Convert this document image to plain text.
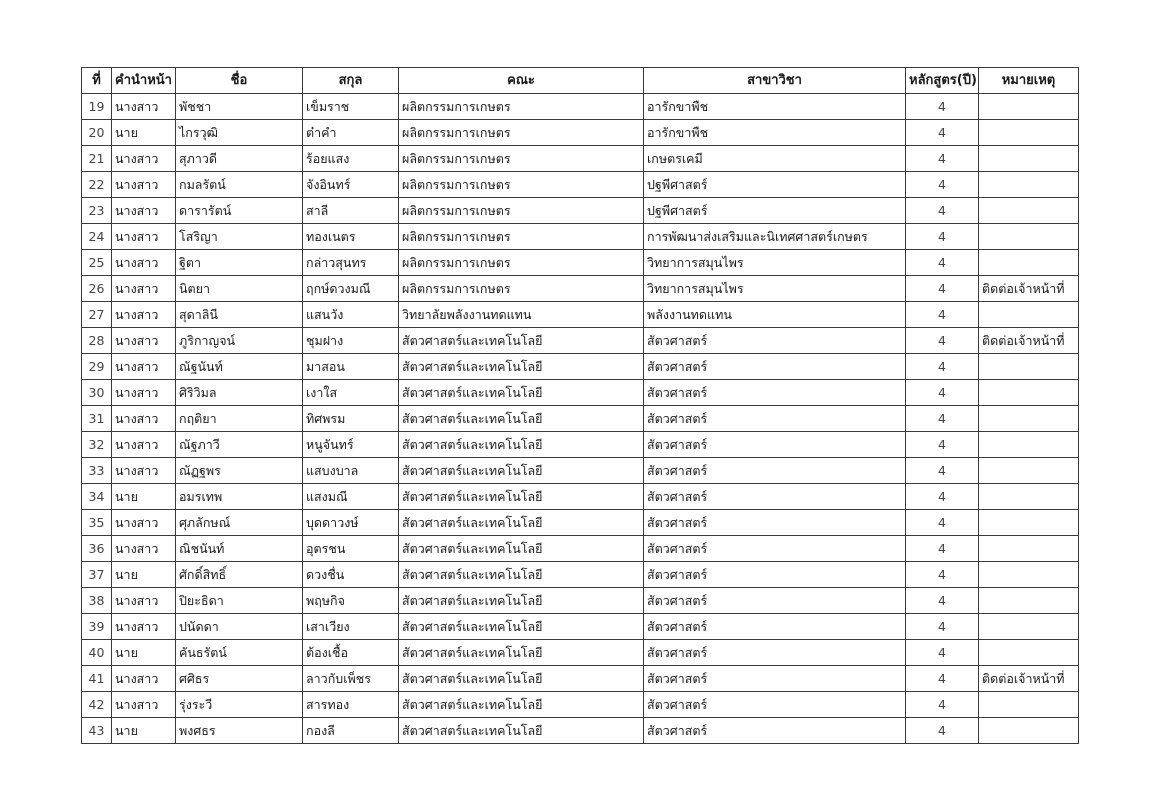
ที่	คำนำหน้า	ชื่อ	สกุล	คณะ	สาขาวิชา	หลักสูตร(ปี)	หมายเหตุ
19	นางสาว	พัชชา	เข็มราช	ผลิตกรรมการเกษตร	อารักขาพืช	4	
20	นาย	ไกรวุฒิ	ต๋าคำ	ผลิตกรรมการเกษตร	อารักขาพืช	4	
21	นางสาว	สุภาวดี	ร้อยแสง	ผลิตกรรมการเกษตร	เกษตรเคมี	4	
22	นางสาว	กมลรัตน์	จังอินทร์	ผลิตกรรมการเกษตร	ปฐพีศาสตร์	4	
23	นางสาว	ดารารัตน์	สาลี	ผลิตกรรมการเกษตร	ปฐพีศาสตร์	4	
24	นางสาว	โสริญา	ทองเนตร	ผลิตกรรมการเกษตร	การพัฒนาส่งเสริมและนิเทศศาสตร์เกษตร	4	
25	นางสาว	ฐิตา	กล่าวสุนทร	ผลิตกรรมการเกษตร	วิทยาการสมุนไพร	4	
26	นางสาว	นิตยา	ฤกษ์ดวงมณี	ผลิตกรรมการเกษตร	วิทยาการสมุนไพร	4	ติดต่อเจ้าหน้าที่
27	นางสาว	สุดาลินี	แสนวัง	วิทยาลัยพลังงานทดแทน	พลังงานทดแทน	4	
28	นางสาว	ภูริกาญจน์	ชุมฝาง	สัตวศาสตร์และเทคโนโลยี	สัตวศาสตร์	4	ติดต่อเจ้าหน้าที่
29	นางสาว	ณัฐนันท์	มาสอน	สัตวศาสตร์และเทคโนโลยี	สัตวศาสตร์	4	
30	นางสาว	ศิริวิมล	เงาใส	สัตวศาสตร์และเทคโนโลยี	สัตวศาสตร์	4	
31	นางสาว	กฤติยา	ทิศพรม	สัตวศาสตร์และเทคโนโลยี	สัตวศาสตร์	4	
32	นางสาว	ณัฐภาวี	หนูจันทร์	สัตวศาสตร์และเทคโนโลยี	สัตวศาสตร์	4	
33	นางสาว	ณัฏฐพร	แสบงบาล	สัตวศาสตร์และเทคโนโลยี	สัตวศาสตร์	4	
34	นาย	อมรเทพ	แสงมณี	สัตวศาสตร์และเทคโนโลยี	สัตวศาสตร์	4	
35	นางสาว	ศุภลักษณ์	บุดดาวงษ์	สัตวศาสตร์และเทคโนโลยี	สัตวศาสตร์	4	
36	นางสาว	ณิชนันท์	อุตรชน	สัตวศาสตร์และเทคโนโลยี	สัตวศาสตร์	4	
37	นาย	ศักดิ์สิทธิ์	ดวงชื่น	สัตวศาสตร์และเทคโนโลยี	สัตวศาสตร์	4	
38	นางสาว	ปิยะธิดา	พฤษกิจ	สัตวศาสตร์และเทคโนโลยี	สัตวศาสตร์	4	
39	นางสาว	ปนัดดา	เสาเวียง	สัตวศาสตร์และเทคโนโลยี	สัตวศาสตร์	4	
40	นาย	คันธรัตน์	ต้องเชื้อ	สัตวศาสตร์และเทคโนโลยี	สัตวศาสตร์	4	
41	นางสาว	ศศิธร	ลาวกับเพ็ชร	สัตวศาสตร์และเทคโนโลยี	สัตวศาสตร์	4	ติดต่อเจ้าหน้าที่
42	นางสาว	รุ่งระวี	สารทอง	สัตวศาสตร์และเทคโนโลยี	สัตวศาสตร์	4	
43	นาย	พงศธร	กองลี	สัตวศาสตร์และเทคโนโลยี	สัตวศาสตร์	4	
